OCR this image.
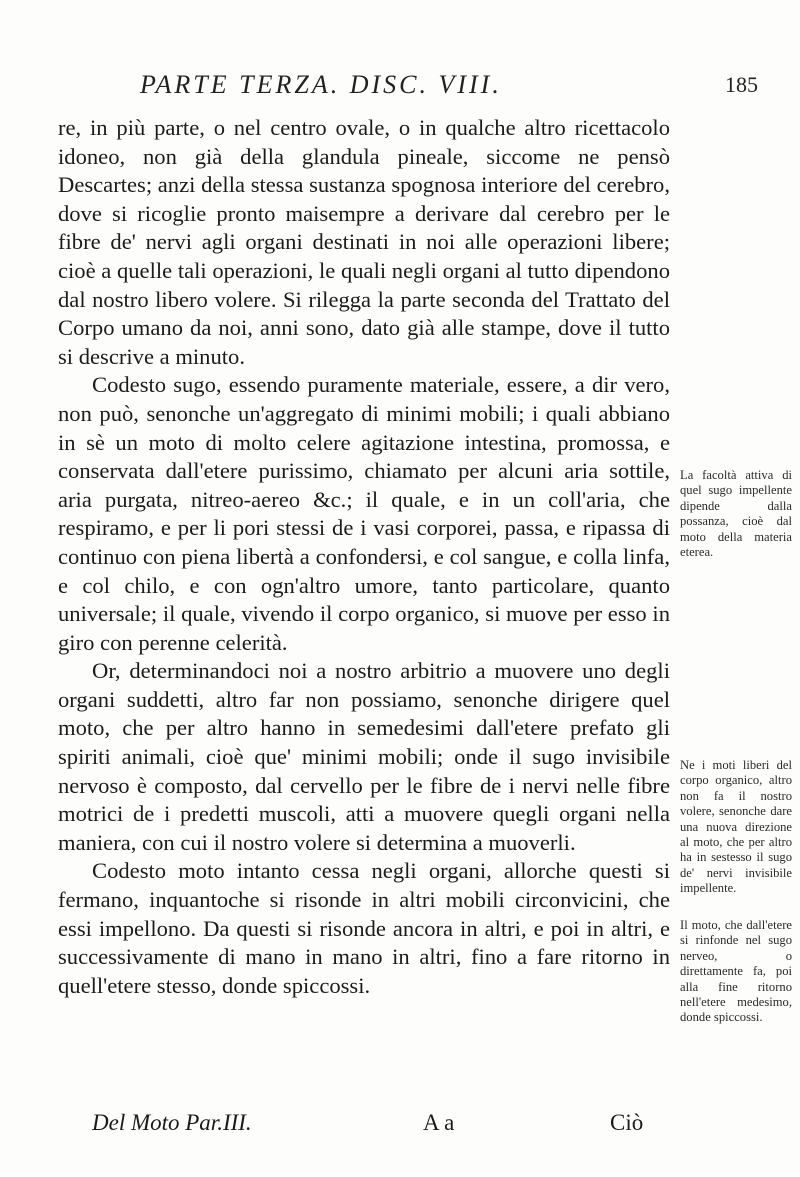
PARTE TERZA. DISC. VIII.	185

re, in più parte, o nel centro ovale, o in qualche altro ricettacolo idoneo, non già della glandula pineale, siccome ne pensò Descartes; anzi della stessa sustanza spognosa interiore del cerebro, dove si ricoglie pronto maisempre a derivare dal cerebro per le fibre de' nervi agli organi destinati in noi alle operazioni libere; cioè a quelle tali operazioni, le quali negli organi al tutto dipendono dal nostro libero volere. Si rilegga la parte seconda del Trattato del Corpo umano da noi, anni sono, dato già alle stampe, dove il tutto si descrive a minuto.

Codesto sugo, essendo puramente materiale, essere, a dir vero, non può, senonche un'aggregato di minimi mobili; i quali abbiano in sè un moto di molto celere agitazione intestina, promossa, e conservata dall'etere purissimo, chiamato per alcuni aria sottile, aria purgata, nitreo-aereo &c.; il quale, e in un coll'aria, che respiramo, e per li pori stessi de i vasi corporei, passa, e ripassa di continuo con piena libertà a confondersi, e col sangue, e colla linfa, e col chilo, e con ogn'altro umore, tanto particolare, quanto universale; il quale, vivendo il corpo organico, si muove per esso in giro con perenne celerità.

Or, determinandoci noi a nostro arbitrio a muovere uno degli organi suddetti, altro far non possiamo, senonche dirigere quel moto, che per altro hanno in semedesimi dall'etere prefato gli spiriti animali, cioè que' minimi mobili; onde il sugo invisibile nervoso è composto, dal cervello per le fibre de i nervi nelle fibre motrici de i predetti muscoli, atti a muovere quegli organi nella maniera, con cui il nostro volere si determina a muoverli.

Codesto moto intanto cessa negli organi, allorche questi si fermano, inquantoche si risonde in altri mobili circonvicini, che essi impellono. Da questi si risonde ancora in altri, e poi in altri, e successivamente di mano in mano in altri, fino a fare ritorno in quell'etere stesso, donde spiccossi.

La facoltà attiva di quel sugo impellente dipende dalla possanza, cioè dal moto della materia eterea.
Ne i moti liberi del corpo organico, altro non fa il nostro volere, senonche dare una nuova direzione al moto, che per altro ha in sestesso il sugo de' nervi invisibile impellente.
Il moto, che dall'etere si rinfonde nel sugo nerveo, o direttamente fa, poi alla fine ritorno nell'etere medesimo, donde spiccossi.
Del Moto Par.III.	A a	Ciò
